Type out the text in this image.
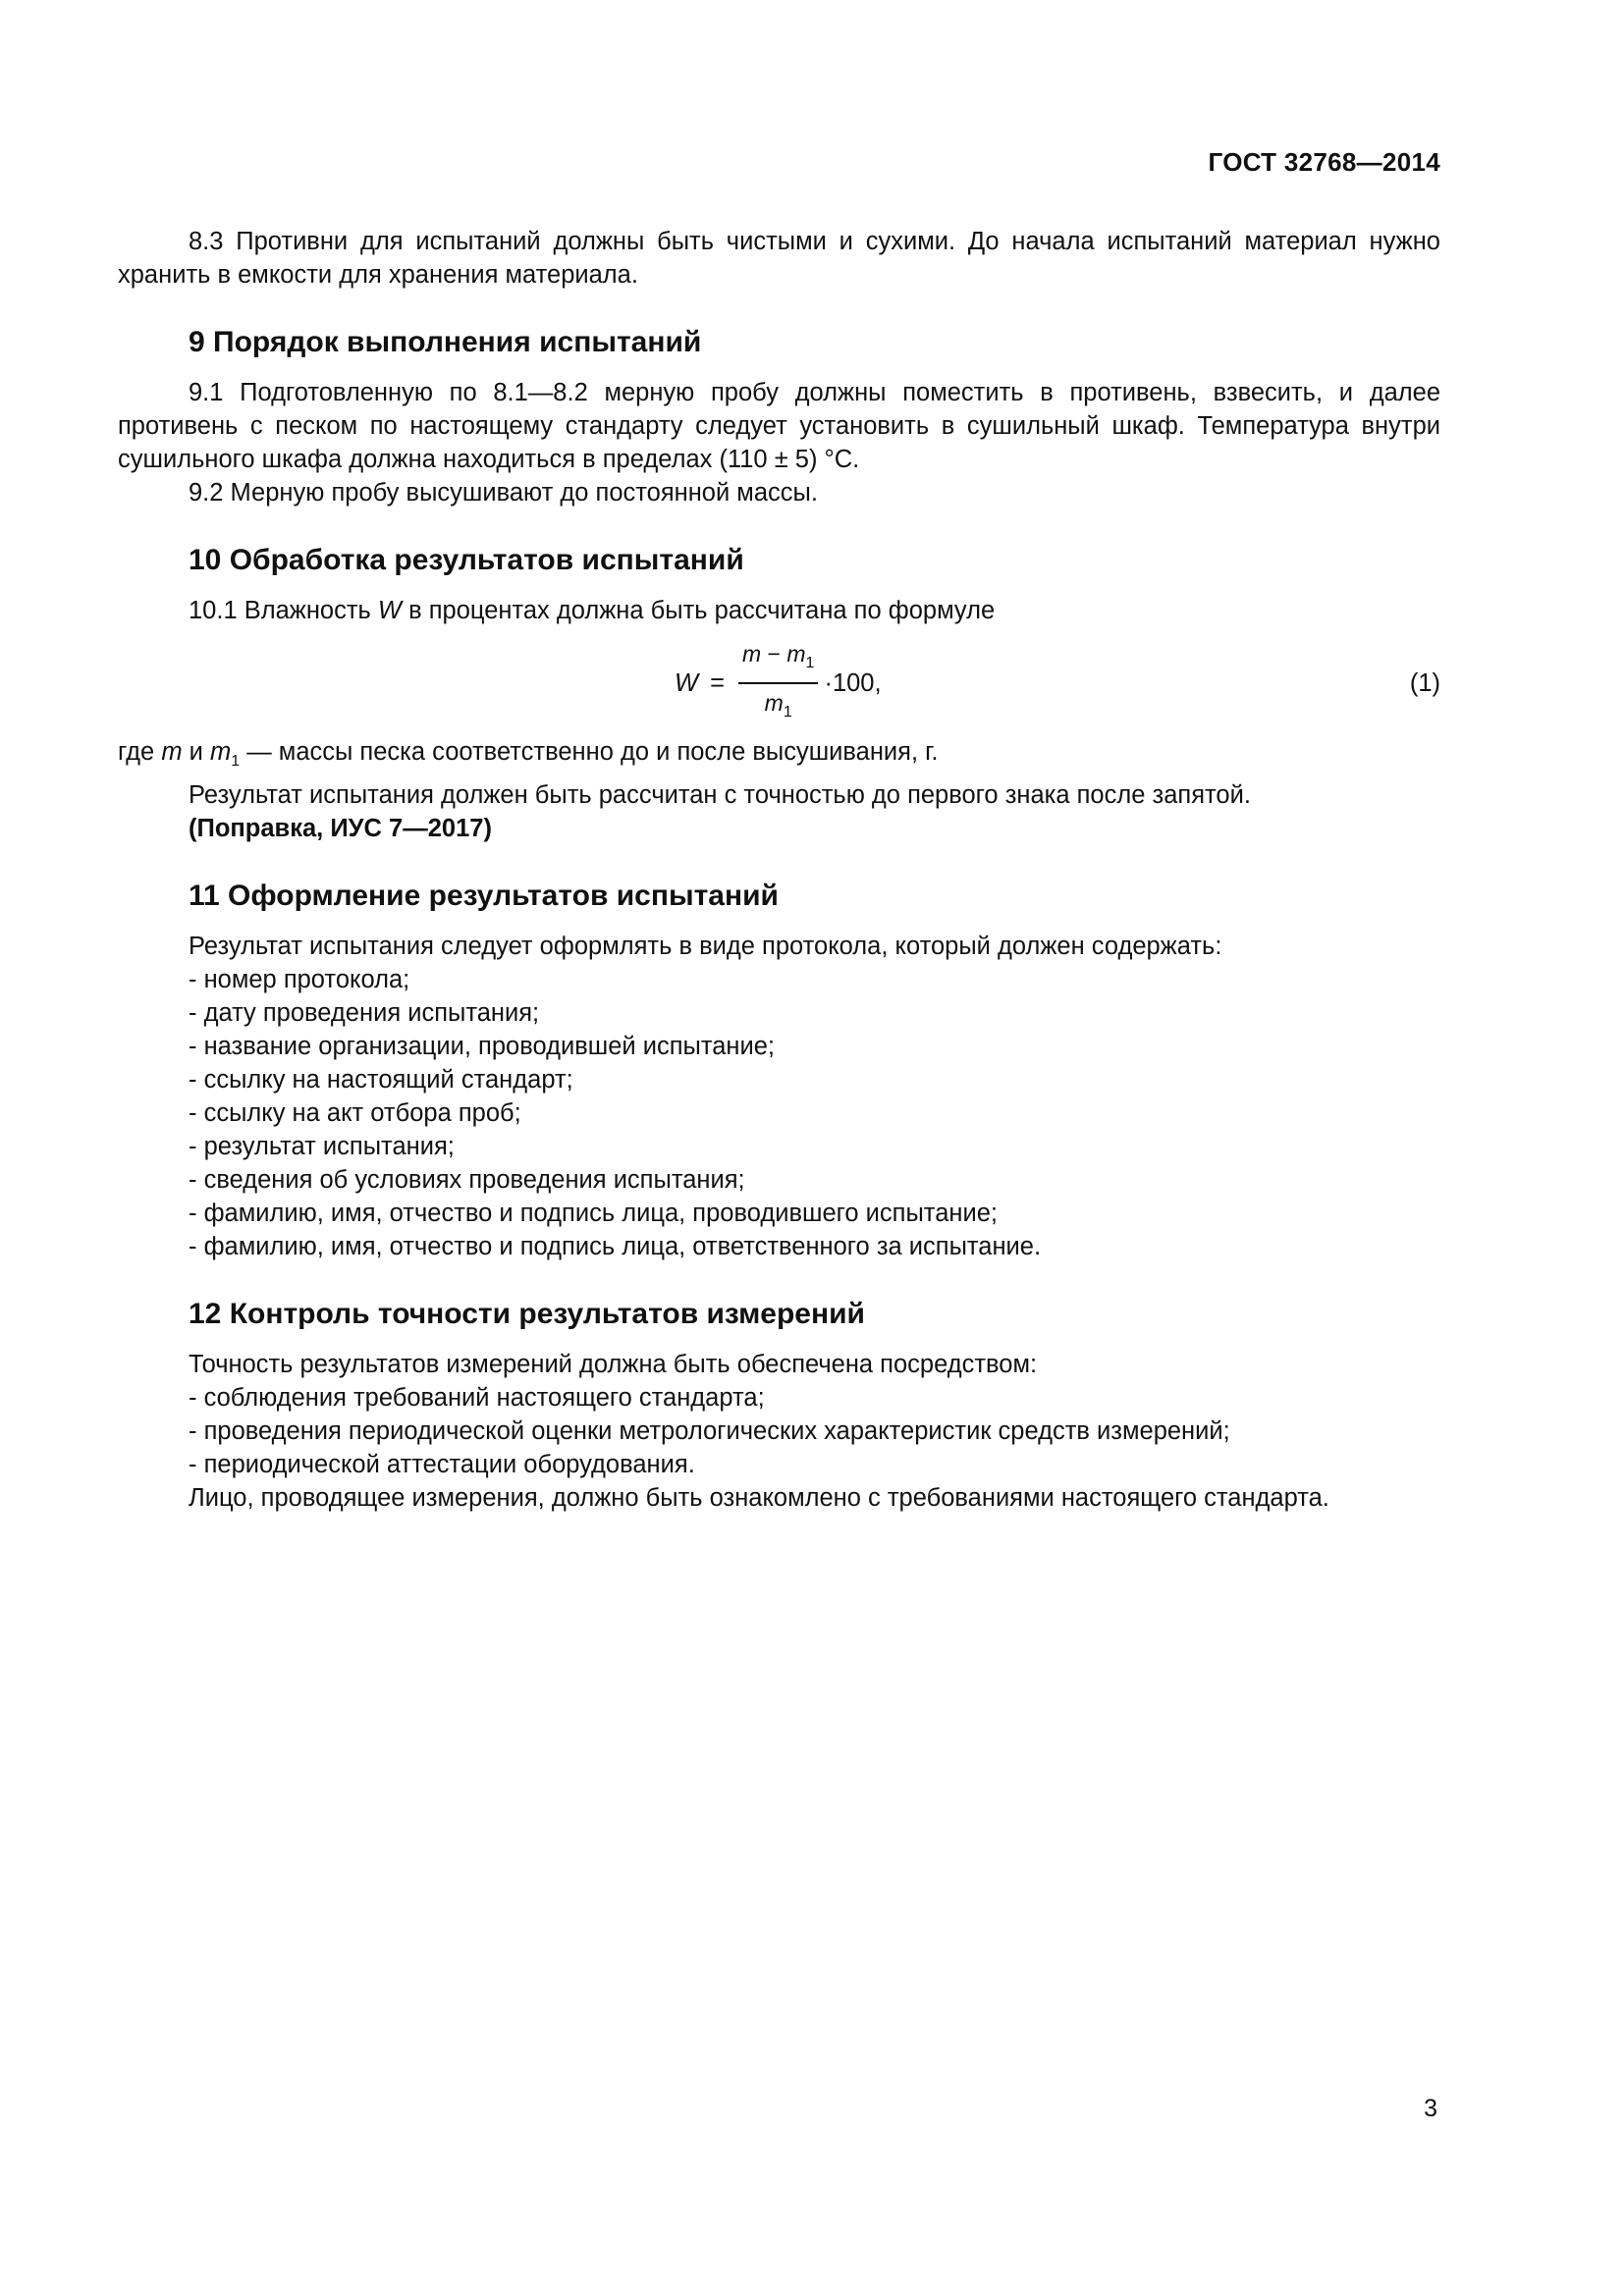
ГОСТ 32768—2014

8.3 Противни для испытаний должны быть чистыми и сухими. До начала испытаний материал нужно хранить в емкости для хранения материала.

9 Порядок выполнения испытаний

9.1 Подготовленную по 8.1—8.2 мерную пробу должны поместить в противень, взвесить, и далее противень с песком по настоящему стандарту следует установить в сушильный шкаф. Температура внутри сушильного шкафа должна находиться в пределах (110 ± 5) °С.

9.2 Мерную пробу высушивают до постоянной массы.

10 Обработка результатов испытаний

10.1 Влажность W в процентах должна быть рассчитана по формуле

$W = \frac{m - m_1}{m_1} \cdot 100$,	(1)

где m и $m_1$ — массы песка соответственно до и после высушивания, г.

Результат испытания должен быть рассчитан с точностью до первого знака после запятой.

(Поправка, ИУС 7—2017)

11 Оформление результатов испытаний

Результат испытания следует оформлять в виде протокола, который должен содержать:

- номер протокола;

- дату проведения испытания;

- название организации, проводившей испытание;

- ссылку на настоящий стандарт;

- ссылку на акт отбора проб;

- результат испытания;

- сведения об условиях проведения испытания;

- фамилию, имя, отчество и подпись лица, проводившего испытание;

- фамилию, имя, отчество и подпись лица, ответственного за испытание.

12 Контроль точности результатов измерений

Точность результатов измерений должна быть обеспечена посредством:

- соблюдения требований настоящего стандарта;

- проведения периодической оценки метрологических характеристик средств измерений;

- периодической аттестации оборудования.

Лицо, проводящее измерения, должно быть ознакомлено с требованиями настоящего стандарта.

3
